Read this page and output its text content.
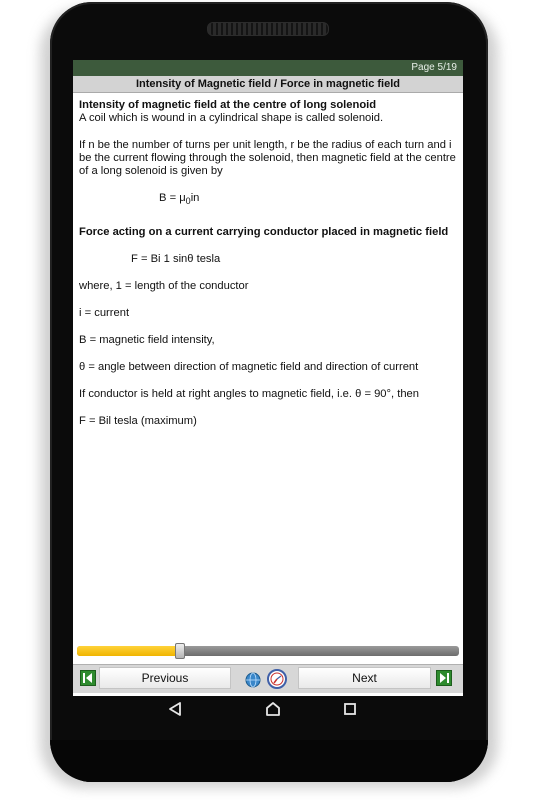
Page 5/19
Intensity of Magnetic field / Force in magnetic field

Intensity of magnetic field at the centre of long solenoid

A coil which is wound in a cylindrical shape is called solenoid.

If n be the number of turns per unit length, r be the radius of each turn and i be the current flowing through the solenoid, then magnetic field at the centre of a long solenoid is given by

$B = \mu_0in$

Force acting on a current carrying conductor placed in magnetic field

F = Bi 1 sinθ tesla

where, 1 = length of the conductor

i = current

B = magnetic field intensity,

θ = angle between direction of magnetic field and direction of current

If conductor is held at right angles to magnetic field, i.e. θ = 90°, then

F = Bil tesla (maximum)

Previous	Next
